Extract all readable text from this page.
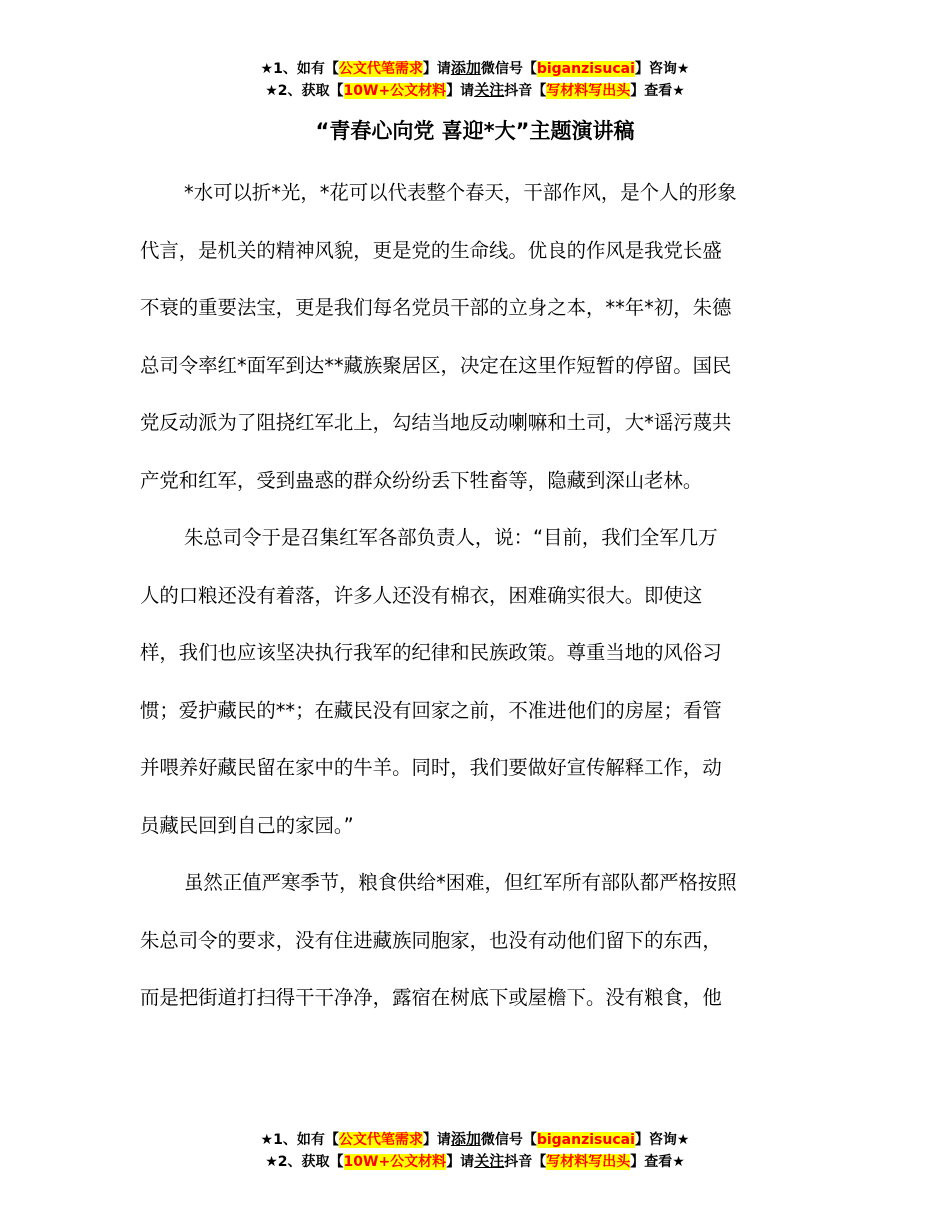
★1、如有【公文代笔需求】请添加微信号【biganzisucai】咨询★
★2、获取【10W+公文材料】请关注抖音【写材料写出头】查看★
“青春心向党 喜迎*大”主题演讲稿
*水可以折*光，*花可以代表整个春天，干部作风，是个人的形象
代言，是机关的精神风貌，更是党的生命线。优良的作风是我党长盛
不衰的重要法宝，更是我们每名党员干部的立身之本，**年*初，朱德
总司令率红*面军到达**藏族聚居区，决定在这里作短暂的停留。国民
党反动派为了阻挠红军北上，勾结当地反动喇嘛和土司，大*谣污蔑共
产党和红军，受到蛊惑的群众纷纷丢下牲畜等，隐藏到深山老林。
朱总司令于是召集红军各部负责人，说：“目前，我们全军几万
人的口粮还没有着落，许多人还没有棉衣，困难确实很大。即使这
样，我们也应该坚决执行我军的纪律和民族政策。尊重当地的风俗习
惯；爱护藏民的**；在藏民没有回家之前，不准进他们的房屋；看管
并喂养好藏民留在家中的牛羊。同时，我们要做好宣传解释工作，动
员藏民回到自己的家园。”
虽然正值严寒季节，粮食供给*困难，但红军所有部队都严格按照
朱总司令的要求，没有住进藏族同胞家，也没有动他们留下的东西，
而是把街道打扫得干干净净，露宿在树底下或屋檐下。没有粮食，他
★1、如有【公文代笔需求】请添加微信号【biganzisucai】咨询★
★2、获取【10W+公文材料】请关注抖音【写材料写出头】查看★
